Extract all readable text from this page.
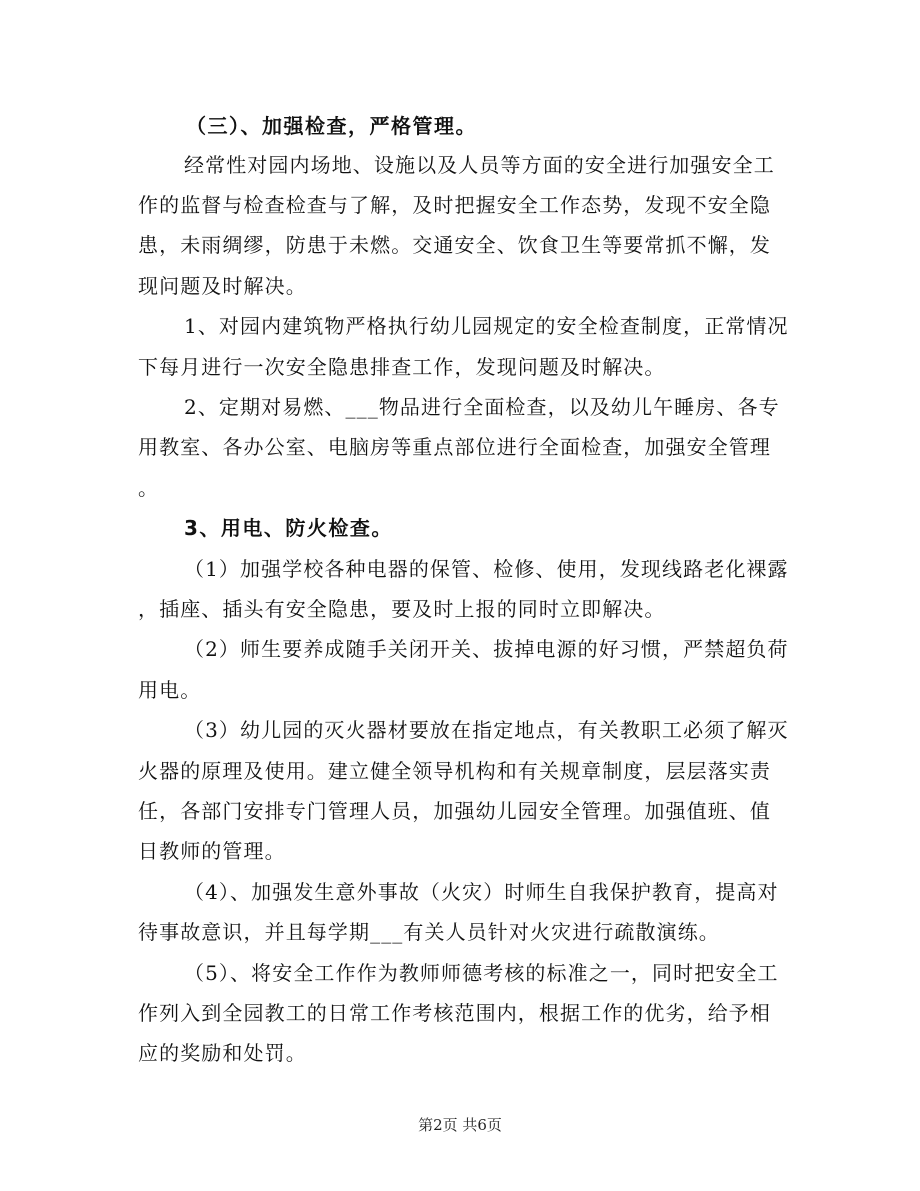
（三）、加强检查，严格管理。
经常性对园内场地、设施以及人员等方面的安全进行加强安全工
作的监督与检查检查与了解，及时把握安全工作态势，发现不安全隐
患，未雨绸缪，防患于未燃。交通安全、饮食卫生等要常抓不懈，发
现问题及时解决。
1、对园内建筑物严格执行幼儿园规定的安全检查制度，正常情况
下每月进行一次安全隐患排查工作，发现问题及时解决。
2、定期对易燃、___物品进行全面检查，以及幼儿午睡房、各专
用教室、各办公室、电脑房等重点部位进行全面检查，加强安全管理
。
3、用电、防火检查。
（1）加强学校各种电器的保管、检修、使用，发现线路老化裸露
，插座、插头有安全隐患，要及时上报的同时立即解决。
（2）师生要养成随手关闭开关、拔掉电源的好习惯，严禁超负荷
用电。
（3）幼儿园的灭火器材要放在指定地点，有关教职工必须了解灭
火器的原理及使用。建立健全领导机构和有关规章制度，层层落实责
任，各部门安排专门管理人员，加强幼儿园安全管理。加强值班、值
日教师的管理。
（4）、加强发生意外事故（火灾）时师生自我保护教育，提高对
待事故意识，并且每学期___有关人员针对火灾进行疏散演练。
（5）、将安全工作作为教师师德考核的标准之一，同时把安全工
作列入到全园教工的日常工作考核范围内，根据工作的优劣，给予相
应的奖励和处罚。
第2页 共6页
